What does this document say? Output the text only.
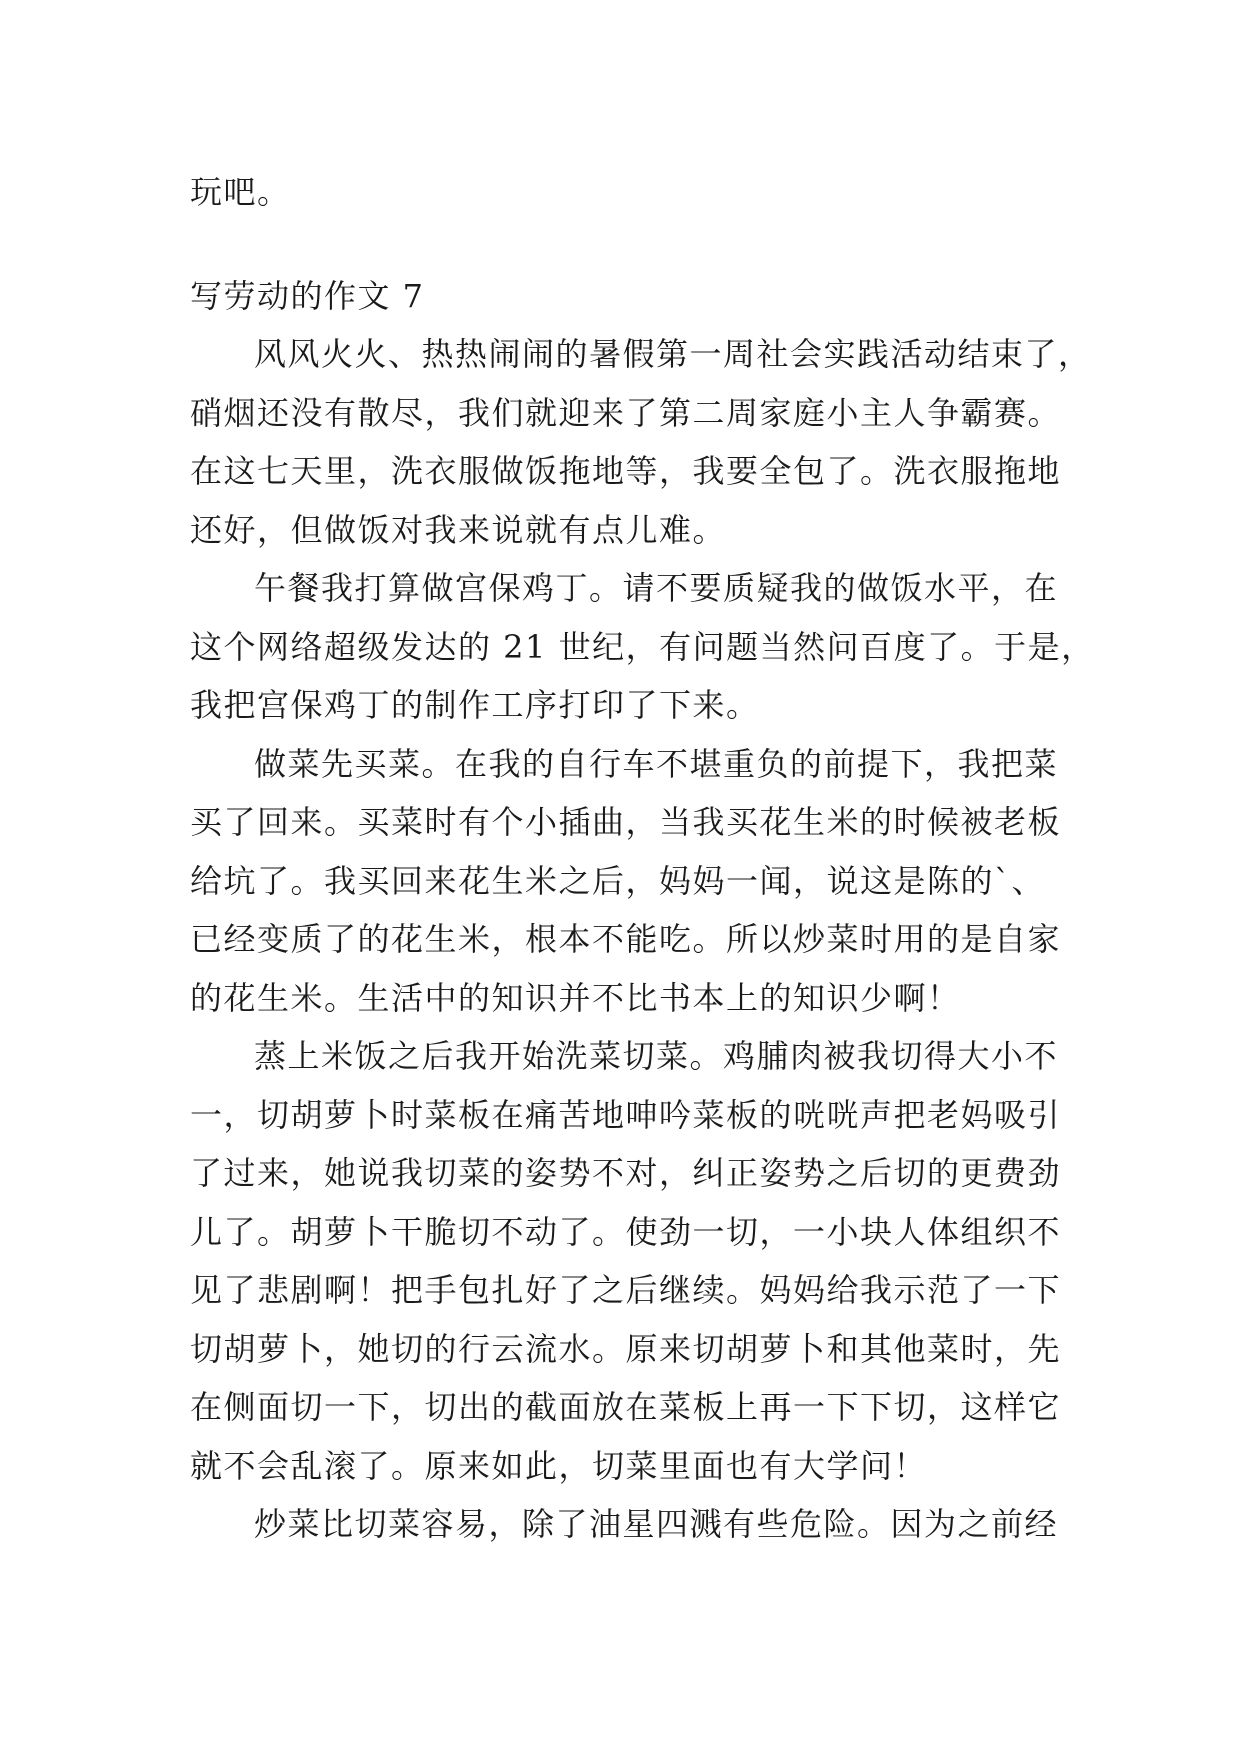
玩吧。
写劳动的作文 7
风风火火、热热闹闹的暑假第一周社会实践活动结束了，
硝烟还没有散尽，我们就迎来了第二周家庭小主人争霸赛。
在这七天里，洗衣服做饭拖地等，我要全包了。洗衣服拖地
还好，但做饭对我来说就有点儿难。
午餐我打算做宫保鸡丁。请不要质疑我的做饭水平，在
这个网络超级发达的 21 世纪，有问题当然问百度了。于是，
我把宫保鸡丁的制作工序打印了下来。
做菜先买菜。在我的自行车不堪重负的前提下，我把菜
买了回来。买菜时有个小插曲，当我买花生米的时候被老板
给坑了。我买回来花生米之后，妈妈一闻，说这是陈的`、
已经变质了的花生米，根本不能吃。所以炒菜时用的是自家
的花生米。生活中的知识并不比书本上的知识少啊！
蒸上米饭之后我开始洗菜切菜。鸡脯肉被我切得大小不
一，切胡萝卜时菜板在痛苦地呻吟菜板的咣咣声把老妈吸引
了过来，她说我切菜的姿势不对，纠正姿势之后切的更费劲
儿了。胡萝卜干脆切不动了。使劲一切，一小块人体组织不
见了悲剧啊！把手包扎好了之后继续。妈妈给我示范了一下
切胡萝卜，她切的行云流水。原来切胡萝卜和其他菜时，先
在侧面切一下，切出的截面放在菜板上再一下下切，这样它
就不会乱滚了。原来如此，切菜里面也有大学问！
炒菜比切菜容易，除了油星四溅有些危险。因为之前经
